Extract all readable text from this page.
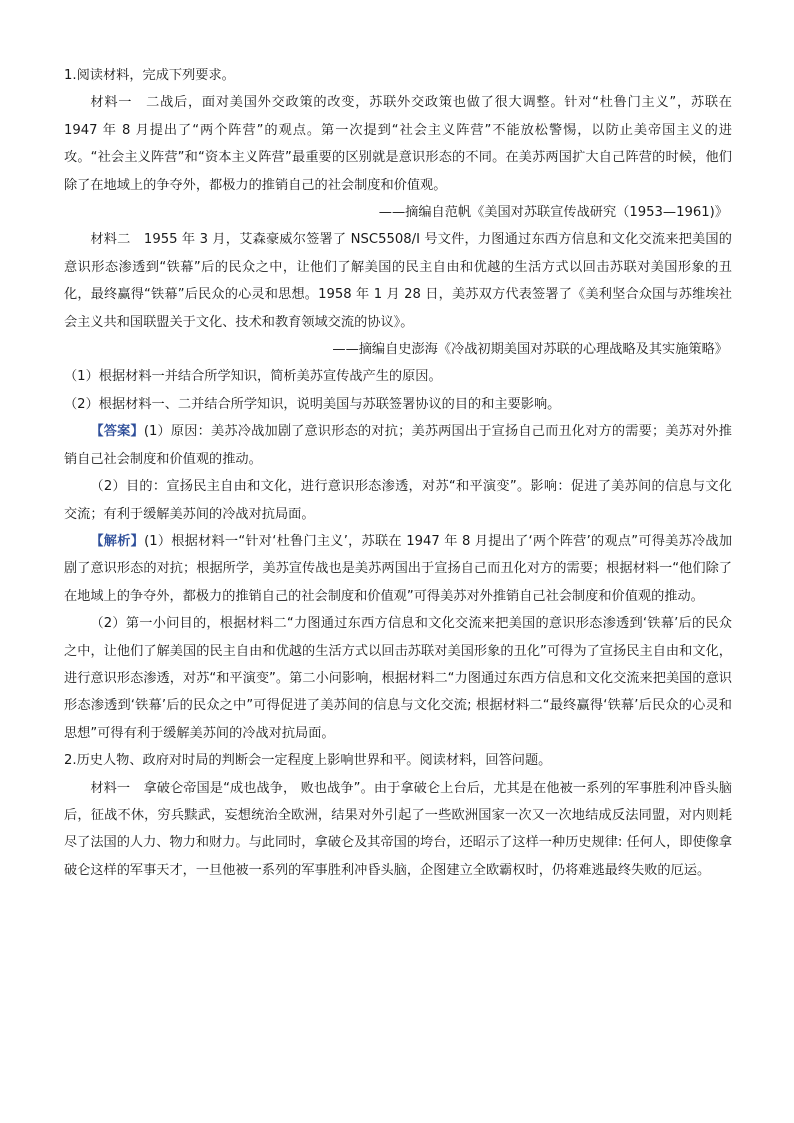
1.阅读材料，完成下列要求。

材料一　二战后，面对美国外交政策的改变，苏联外交政策也做了很大调整。针对“杜鲁门主义”，苏联在 1947 年 8 月提出了“两个阵营”的观点。第一次提到“社会主义阵营”不能放松警惕，以防止美帝国主义的进攻。“社会主义阵营”和“资本主义阵营”最重要的区别就是意识形态的不同。在美苏两国扩大自己阵营的时候，他们除了在地域上的争夺外，都极力的推销自己的社会制度和价值观。

——摘编自范帆《美国对苏联宣传战研究（1953—1961)》

材料二　1955 年 3 月，艾森豪威尔签署了 NSC5508/I 号文件，力图通过东西方信息和文化交流来把美国的意识形态渗透到“铁幕”后的民众之中，让他们了解美国的民主自由和优越的生活方式以回击苏联对美国形象的丑化，最终赢得“铁幕”后民众的心灵和思想。1958 年 1 月 28 日，美苏双方代表签署了《美利坚合众国与苏维埃社会主义共和国联盟关于文化、技术和教育领域交流的协议》。

——摘编自史澎海《冷战初期美国对苏联的心理战略及其实施策略》

（1）根据材料一并结合所学知识，简析美苏宣传战产生的原因。

（2）根据材料一、二并结合所学知识，说明美国与苏联签署协议的目的和主要影响。

【答案】(1）原因：美苏冷战加剧了意识形态的对抗；美苏两国出于宣扬自己而丑化对方的需要；美苏对外推销自己社会制度和价值观的推动。

（2）目的：宣扬民主自由和文化，进行意识形态渗透，对苏“和平演变”。影响：促进了美苏间的信息与文化交流；有利于缓解美苏间的冷战对抗局面。

【解析】(1）根据材料一“针对‘杜鲁门主义’，苏联在 1947 年 8 月提出了‘两个阵营’的观点”可得美苏冷战加剧了意识形态的对抗；根据所学，美苏宣传战也是美苏两国出于宣扬自己而丑化对方的需要；根据材料一“他们除了在地域上的争夺外，都极力的推销自己的社会制度和价值观”可得美苏对外推销自己社会制度和价值观的推动。

（2）第一小问目的，根据材料二“力图通过东西方信息和文化交流来把美国的意识形态渗透到‘铁幕’后的民众之中，让他们了解美国的民主自由和优越的生活方式以回击苏联对美国形象的丑化”可得为了宣扬民主自由和文化，进行意识形态渗透，对苏“和平演变”。第二小问影响，根据材料二“力图通过东西方信息和文化交流来把美国的意识形态渗透到‘铁幕’后的民众之中”可得促进了美苏间的信息与文化交流; 根据材料二“最终赢得‘铁幕’后民众的心灵和思想”可得有利于缓解美苏间的冷战对抗局面。

2.历史人物、政府对时局的判断会一定程度上影响世界和平。阅读材料，回答问题。

材料一　拿破仑帝国是“成也战争， 败也战争”。由于拿破仑上台后，尤其是在他被一系列的军事胜利冲昏头脑后，征战不休，穷兵黩武，妄想统治全欧洲，结果对外引起了一些欧洲国家一次又一次地结成反法同盟，对内则耗尽了法国的人力、物力和财力。与此同时，拿破仑及其帝国的垮台，还昭示了这样一种历史规律: 任何人，即使像拿破仑这样的军事天才，一旦他被一系列的军事胜利冲昏头脑，企图建立全欧霸权时，仍将难逃最终失败的厄运。
